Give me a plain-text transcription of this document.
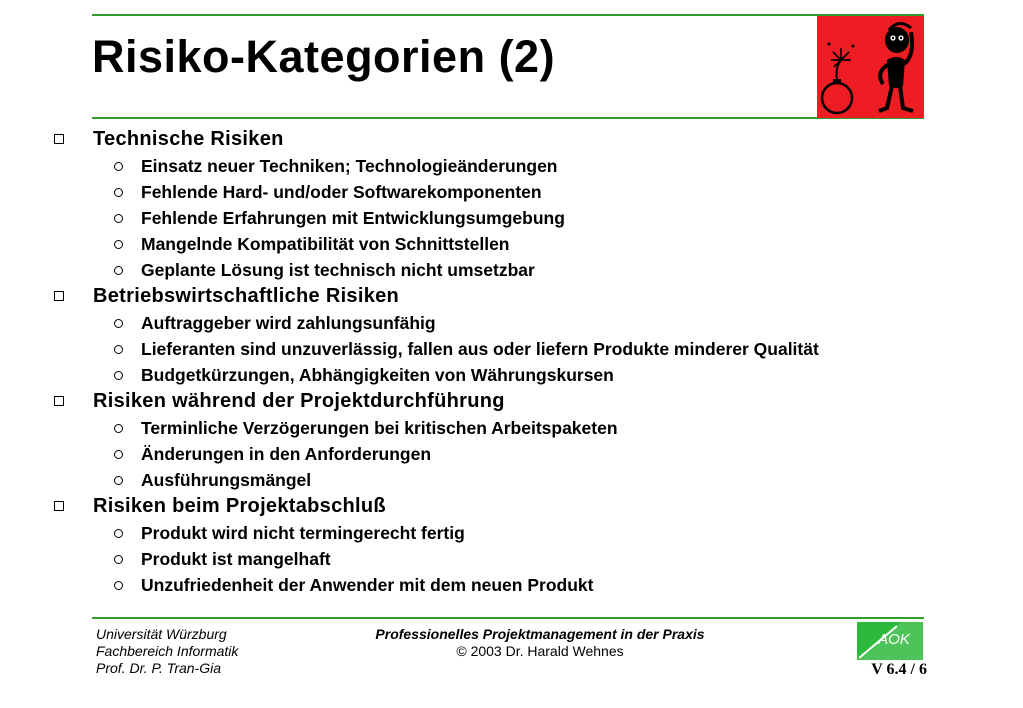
Risiko-Kategorien (2)
Technische Risiken
Einsatz neuer Techniken; Technologieänderungen
Fehlende Hard- und/oder Softwarekomponenten
Fehlende Erfahrungen mit Entwicklungsumgebung
Mangelnde Kompatibilität von Schnittstellen
Geplante Lösung ist technisch nicht umsetzbar
Betriebswirtschaftliche Risiken
Auftraggeber wird zahlungsunfähig
Lieferanten sind unzuverlässig, fallen aus oder liefern Produkte minderer Qualität
Budgetkürzungen, Abhängigkeiten von Währungskursen
Risiken während der Projektdurchführung
Terminliche Verzögerungen bei kritischen Arbeitspaketen
Änderungen in den Anforderungen
Ausführungsmängel
Risiken beim Projektabschluß
Produkt wird nicht termingerecht fertig
Produkt ist mangelhaft
Unzufriedenheit der Anwender mit dem neuen Produkt
Universität Würzburg
Fachbereich Informatik
Prof. Dr. P. Tran-Gia
Professionelles Projektmanagement in der Praxis
© 2003 Dr. Harald Wehnes
AOK
V 6.4 / 6
